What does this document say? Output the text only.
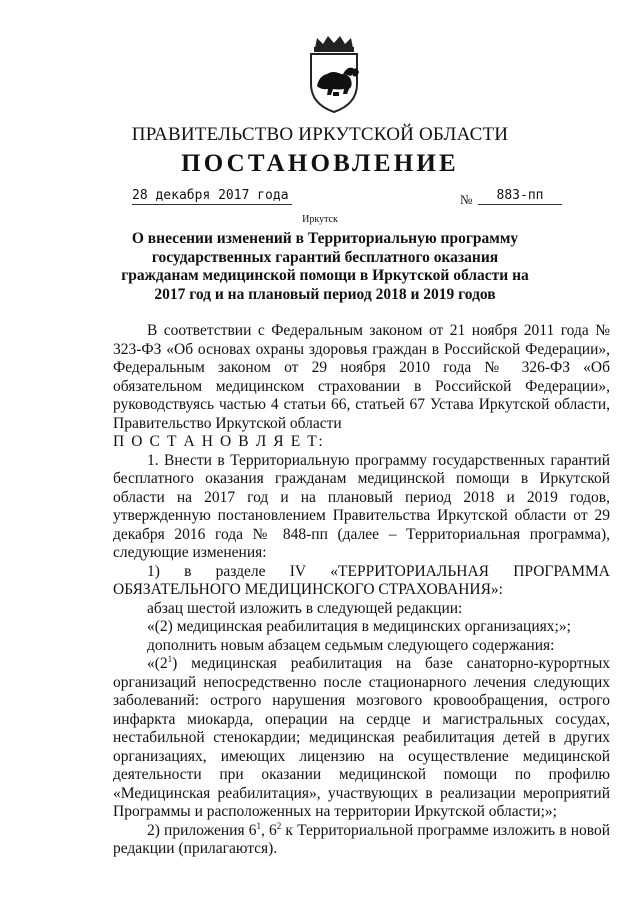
ПРАВИТЕЛЬСТВО ИРКУТСКОЙ ОБЛАСТИ
ПОСТАНОВЛЕНИЕ
28 декабря 2017 года	№	883-пп
Иркутск
О внесении изменений в Территориальную программу государственных гарантий бесплатного оказания гражданам медицинской помощи в Иркутской области на 2017 год и на плановый период 2018 и 2019 годов

В соответствии с Федеральным законом от 21 ноября 2011 года № 323-ФЗ «Об основах охраны здоровья граждан в Российской Федерации», Федеральным законом от 29 ноября 2010 года № 326-ФЗ «Об обязательном медицинском страховании в Российской Федерации», руководствуясь частью 4 статьи 66, статьей 67 Устава Иркутской области, Правительство Иркутской области

П О С Т А Н О В Л Я Е Т:

1. Внести в Территориальную программу государственных гарантий бесплатного оказания гражданам медицинской помощи в Иркутской области на 2017 год и на плановый период 2018 и 2019 годов, утвержденную постановлением Правительства Иркутской области от 29 декабря 2016 года № 848-пп (далее – Территориальная программа), следующие изменения:

1) в разделе IV «ТЕРРИТОРИАЛЬНАЯ ПРОГРАММА

ОБЯЗАТЕЛЬНОГО МЕДИЦИНСКОГО СТРАХОВАНИЯ»:

абзац шестой изложить в следующей редакции:

«(2) медицинская реабилитация в медицинских организациях;»;

дополнить новым абзацем седьмым следующего содержания:

«$(2^1)$ медицинская реабилитация на базе санаторно-курортных организаций непосредственно после стационарного лечения следующих заболеваний: острого нарушения мозгового кровообращения, острого инфаркта миокарда, операции на сердце и магистральных сосудах, нестабильной стенокардии; медицинская реабилитация детей в других организациях, имеющих лицензию на осуществление медицинской деятельности при оказании медицинской помощи по профилю «Медицинская реабилитация», участвующих в реализации мероприятий Программы и расположенных на территории Иркутской области;»;

2) приложения $6^1$, $6^2$ к Территориальной программе изложить в новой редакции (прилагаются).
